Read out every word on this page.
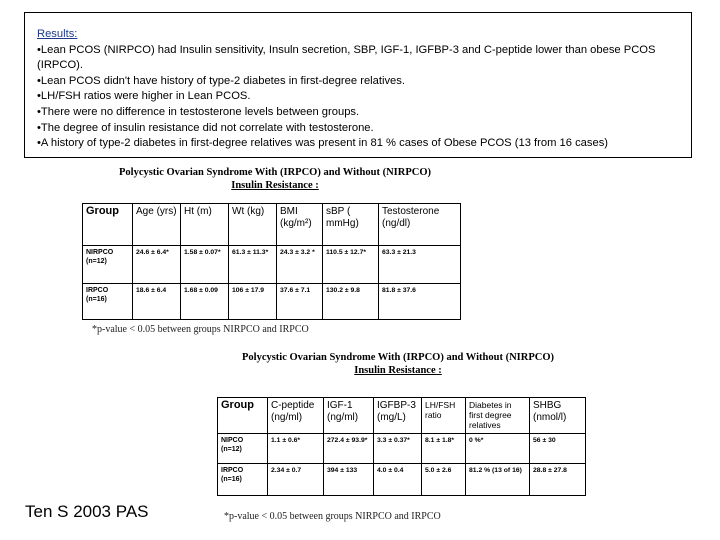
Results:
• Lean PCOS (NIRPCO) had Insulin sensitivity, Insuln secretion, SBP, IGF-1, IGFBP-3 and C-peptide lower than obese PCOS (IRPCO).
• Lean PCOS didn't have history of type-2 diabetes in first-degree relatives.
• LH/FSH ratios were higher in Lean PCOS.
• There were no difference in testosterone levels between groups.
• The degree of insulin resistance did not correlate with testosterone.
• A history of type-2 diabetes in first-degree relatives was present in 81 % cases of Obese PCOS (13 from 16 cases)
Polycystic Ovarian Syndrome With (IRPCO) and Without (NIRPCO)
Insulin Resistance :
Group	Age (yrs)	Ht (m)	Wt (kg)	BMI (kg/m²)	sBP ( mmHg)	Testosterone (ng/dl)

NIRPCO
(n=12)	24.6 ± 6.4*	1.58 ± 0.07*	61.3 ± 11.3*	24.3 ± 3.2 *	110.5 ± 12.7*	63.3 ± 21.3

IRPCO
(n=16)	18.6 ± 6.4	1.68 ± 0.09	106 ± 17.9	37.6 ± 7.1	130.2 ± 9.8	81.8 ± 37.6
*p-value < 0.05 between groups NIRPCO and IRPCO
Polycystic Ovarian Syndrome With (IRPCO) and Without (NIRPCO)
Insulin Resistance :
Group	C-peptide (ng/ml)	IGF-1 (ng/ml)	IGFBP-3 (mg/L)	LH/FSH ratio	Diabetes in first degree relatives	SHBG (nmol/l)

NIPCO
(n=12)	1.1 ± 0.6*	272.4 ± 93.9*	3.3 ± 0.37*	8.1 ± 1.8*	0 %*	56 ± 30

IRPCO
(n=16)	2.34 ± 0.7	394 ± 133	4.0 ± 0.4	5.0 ± 2.6	81.2 % (13 of 16)	28.8 ± 27.8
*p-value < 0.05 between groups NIRPCO and IRPCO
Ten S 2003 PAS
